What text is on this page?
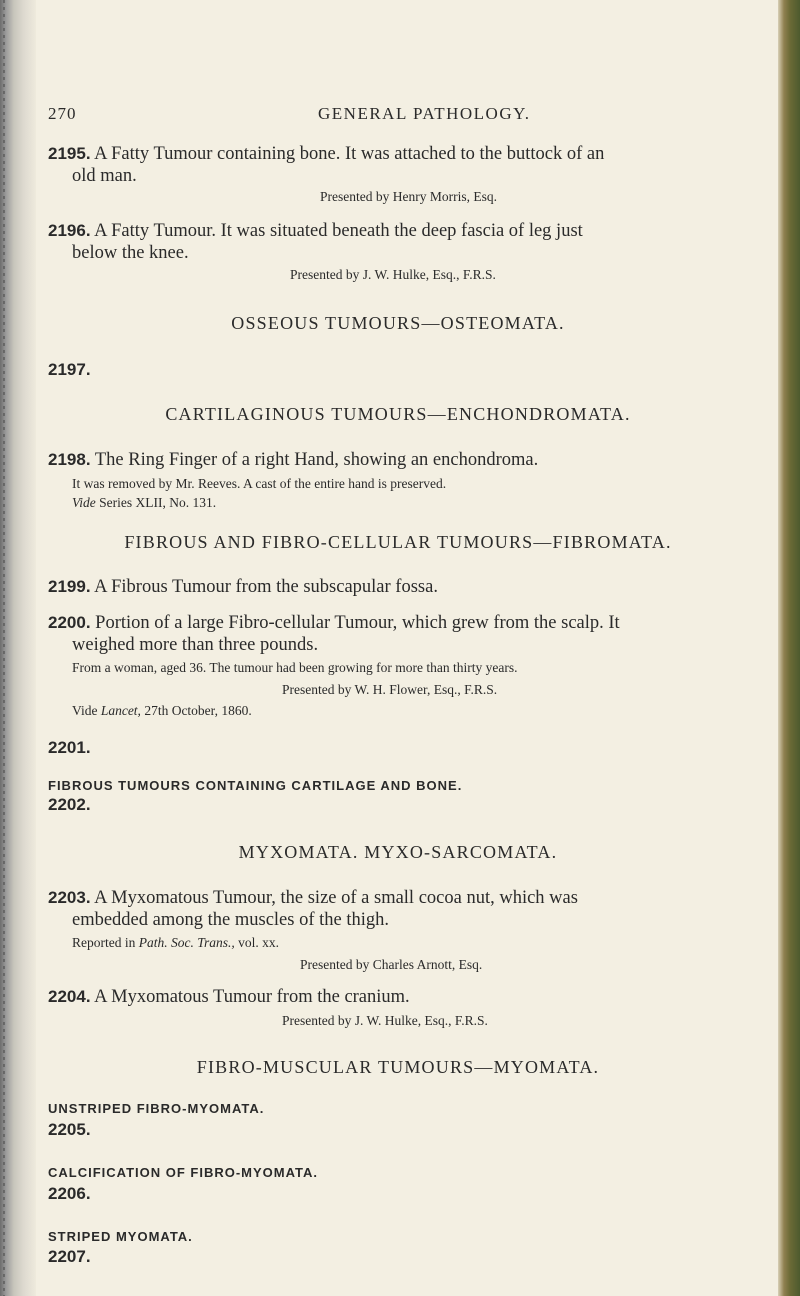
270	GENERAL PATHOLOGY.
2195. A Fatty Tumour containing bone. It was attached to the buttock of an
old man.
Presented by Henry Morris, Esq.
2196. A Fatty Tumour. It was situated beneath the deep fascia of leg just
below the knee.
Presented by J. W. Hulke, Esq., F.R.S.
OSSEOUS TUMOURS—OSTEOMATA.
2197.
CARTILAGINOUS TUMOURS—ENCHONDROMATA.
2198. The Ring Finger of a right Hand, showing an enchondroma.
It was removed by Mr. Reeves. A cast of the entire hand is preserved.
Vide Series XLII, No. 131.
FIBROUS AND FIBRO-CELLULAR TUMOURS—FIBROMATA.
2199. A Fibrous Tumour from the subscapular fossa.
2200. Portion of a large Fibro-cellular Tumour, which grew from the scalp. It
weighed more than three pounds.
From a woman, aged 36. The tumour had been growing for more than thirty years.
Presented by W. H. Flower, Esq., F.R.S.
Vide Lancet, 27th October, 1860.
2201.
FIBROUS TUMOURS CONTAINING CARTILAGE AND BONE.
2202.
MYXOMATA. MYXO-SARCOMATA.
2203. A Myxomatous Tumour, the size of a small cocoa nut, which was
embedded among the muscles of the thigh.
Reported in Path. Soc. Trans., vol. xx.
Presented by Charles Arnott, Esq.
2204. A Myxomatous Tumour from the cranium.
Presented by J. W. Hulke, Esq., F.R.S.
FIBRO-MUSCULAR TUMOURS—MYOMATA.
UNSTRIPED FIBRO-MYOMATA.
2205.
CALCIFICATION OF FIBRO-MYOMATA.
2206.
STRIPED MYOMATA.
2207.
